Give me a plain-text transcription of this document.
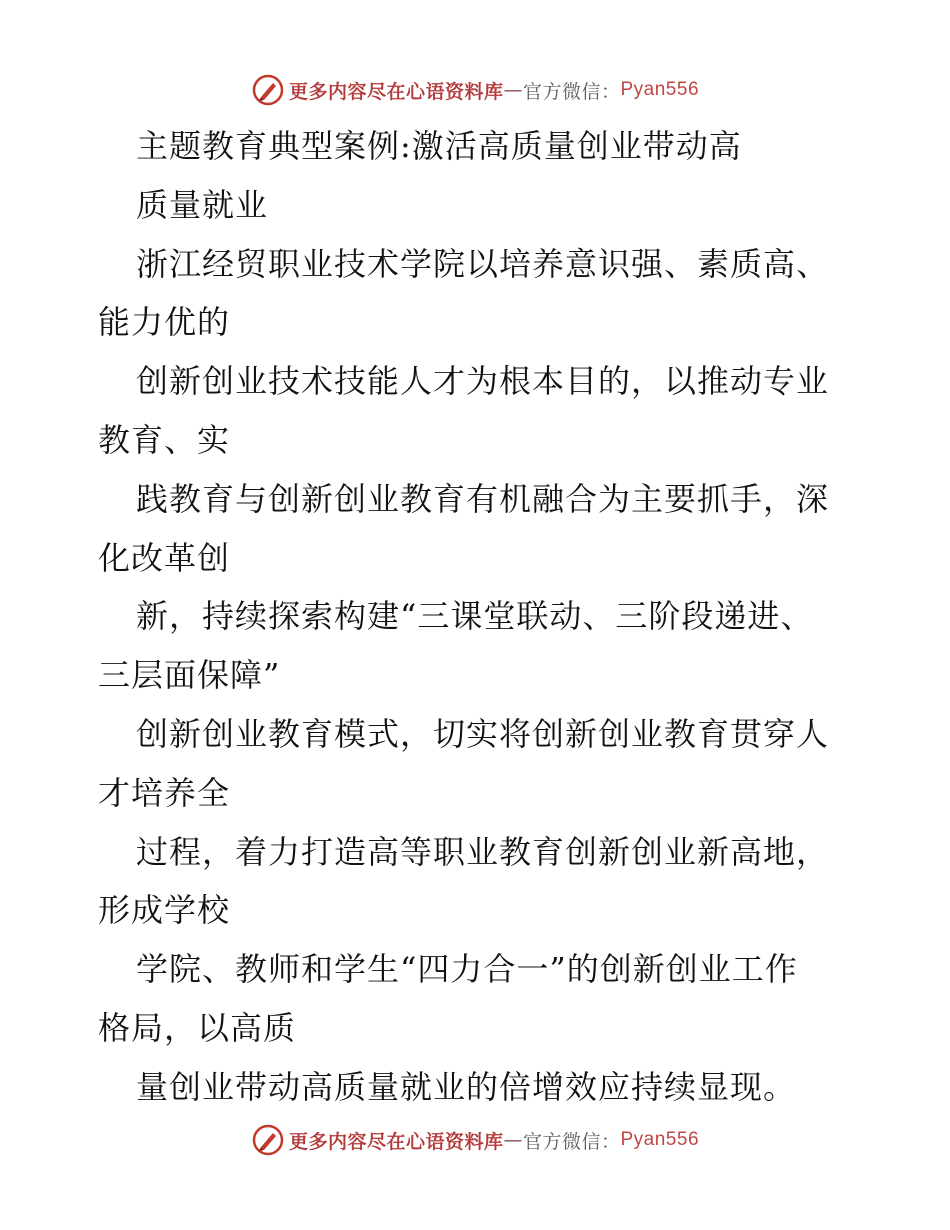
更多内容尽在心语资料库 — 官方微信： Pyan556
主题教育典型案例:激活高质量创业带动高
质量就业
浙江经贸职业技术学院以培养意识强、素质高、
能力优的
创新创业技术技能人才为根本目的，以推动专业
教育、实
践教育与创新创业教育有机融合为主要抓手，深
化改革创
新，持续探索构建“三课堂联动、三阶段递进、
三层面保障”
创新创业教育模式，切实将创新创业教育贯穿人
才培养全
过程，着力打造高等职业教育创新创业新高地，
形成学校
学院、教师和学生“四力合一”的创新创业工作
格局，以高质
量创业带动高质量就业的倍增效应持续显现。
更多内容尽在心语资料库 — 官方微信： Pyan556
